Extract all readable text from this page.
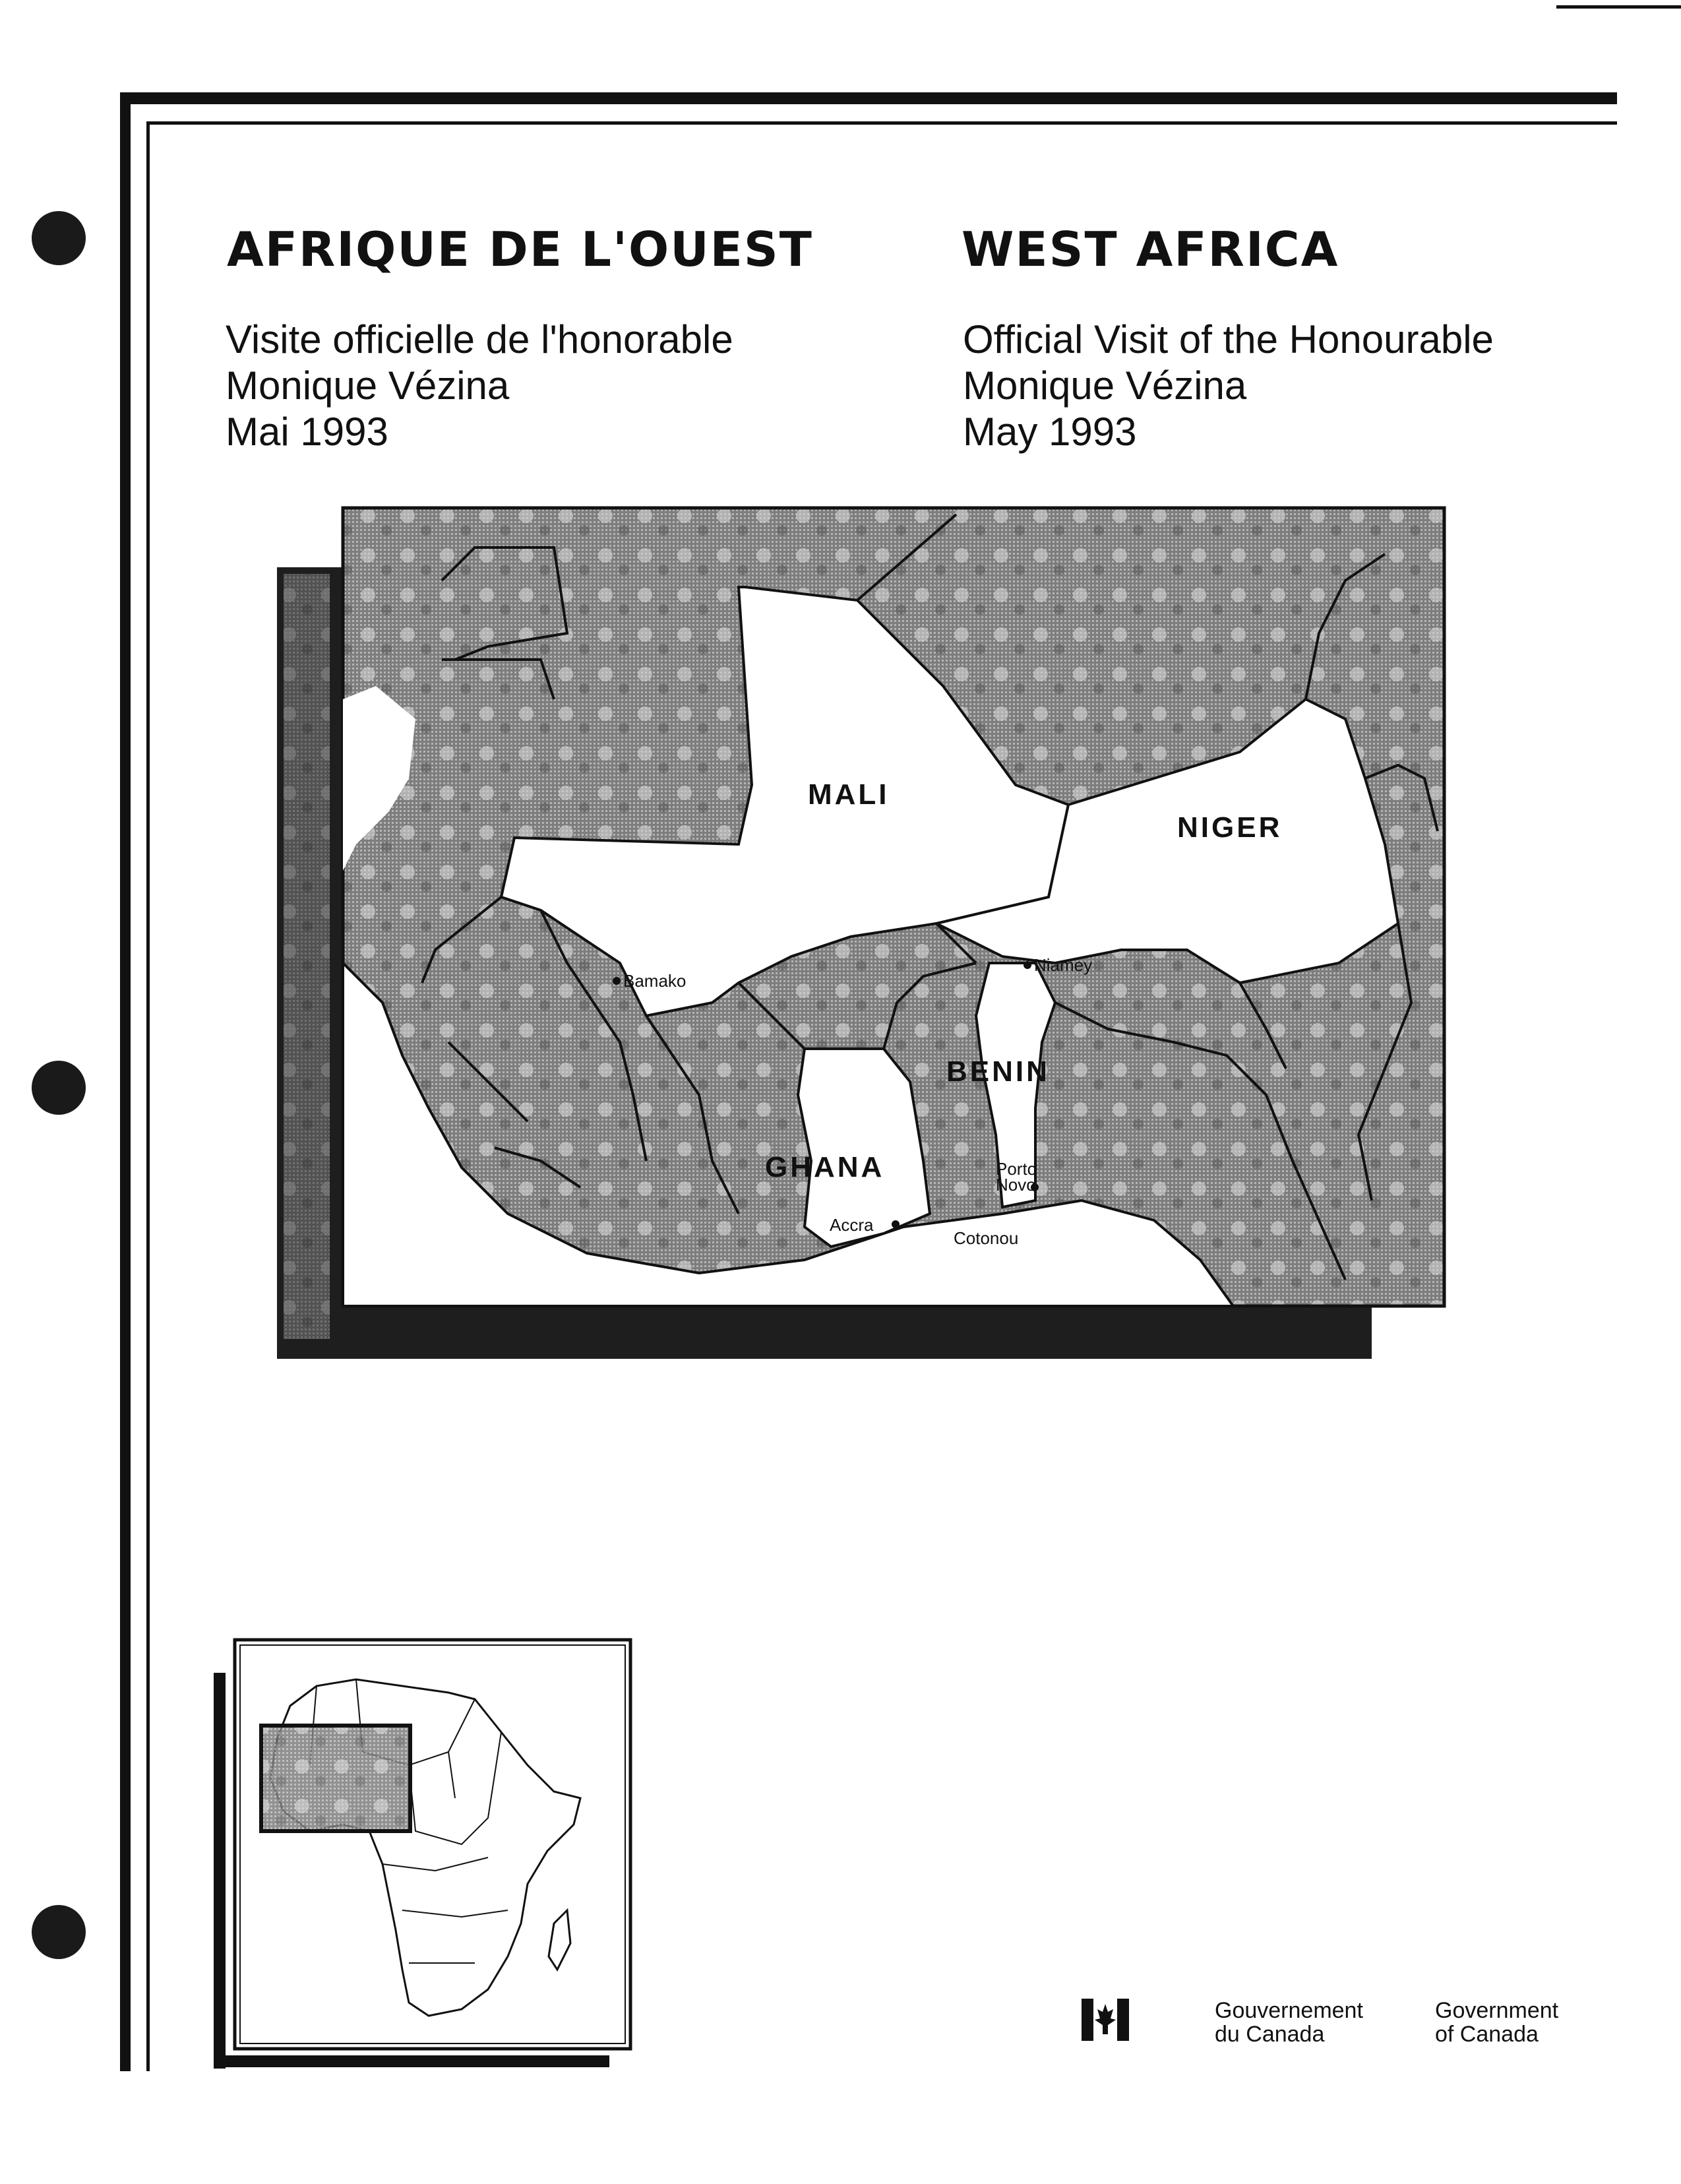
AFRIQUE DE L'OUEST	WEST AFRICA
Visite officielle de l'honorable
Monique Vézina
Mai 1993
Official Visit of the Honourable
Monique Vézina
May 1993
MALI
NIGER
BENIN
GHANA
Bamako
Niamey
Porto
Novo
Accra
Cotonou
Gouvernement
du Canada
Government
of Canada
